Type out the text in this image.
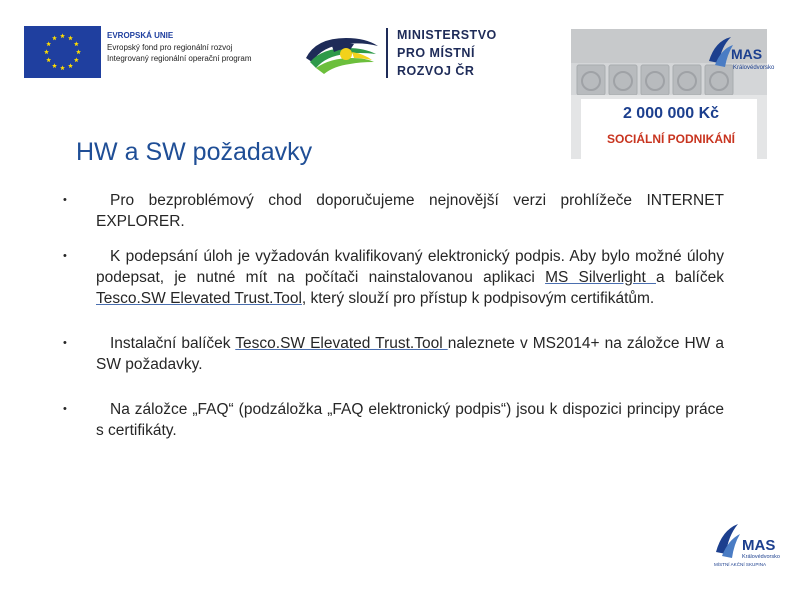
EVROPSKÁ UNIE
Evropský fond pro regionální rozvoj
Integrovaný regionální operační program
MINISTERSTVO
PRO MÍSTNÍ
ROZVOJ ČR
MAS
Královédvorsko
2 000 000 Kč
SOCIÁLNÍ PODNIKÁNÍ
HW a SW požadavky
•	Pro bezproblémový chod doporučujeme nejnovější verzi prohlížeče INTERNET EXPLORER.
•	K podepsání úloh je vyžadován kvalifikovaný elektronický podpis. Aby bylo možné úlohy podepsat, je nutné mít na počítači nainstalovanou aplikaci MS Silverlight a balíček Tesco.SW Elevated Trust.Tool, který slouží pro přístup k podpisovým certifikátům.
•	Instalační balíček Tesco.SW Elevated Trust.Tool naleznete v MS2014+ na záložce HW a SW požadavky.
•	Na záložce „FAQ“ (podzáložka „FAQ elektronický podpis“) jsou k dispozici principy práce s certifikáty.
MAS
Královédvorsko
MÍSTNÍ AKČNÍ SKUPINA
